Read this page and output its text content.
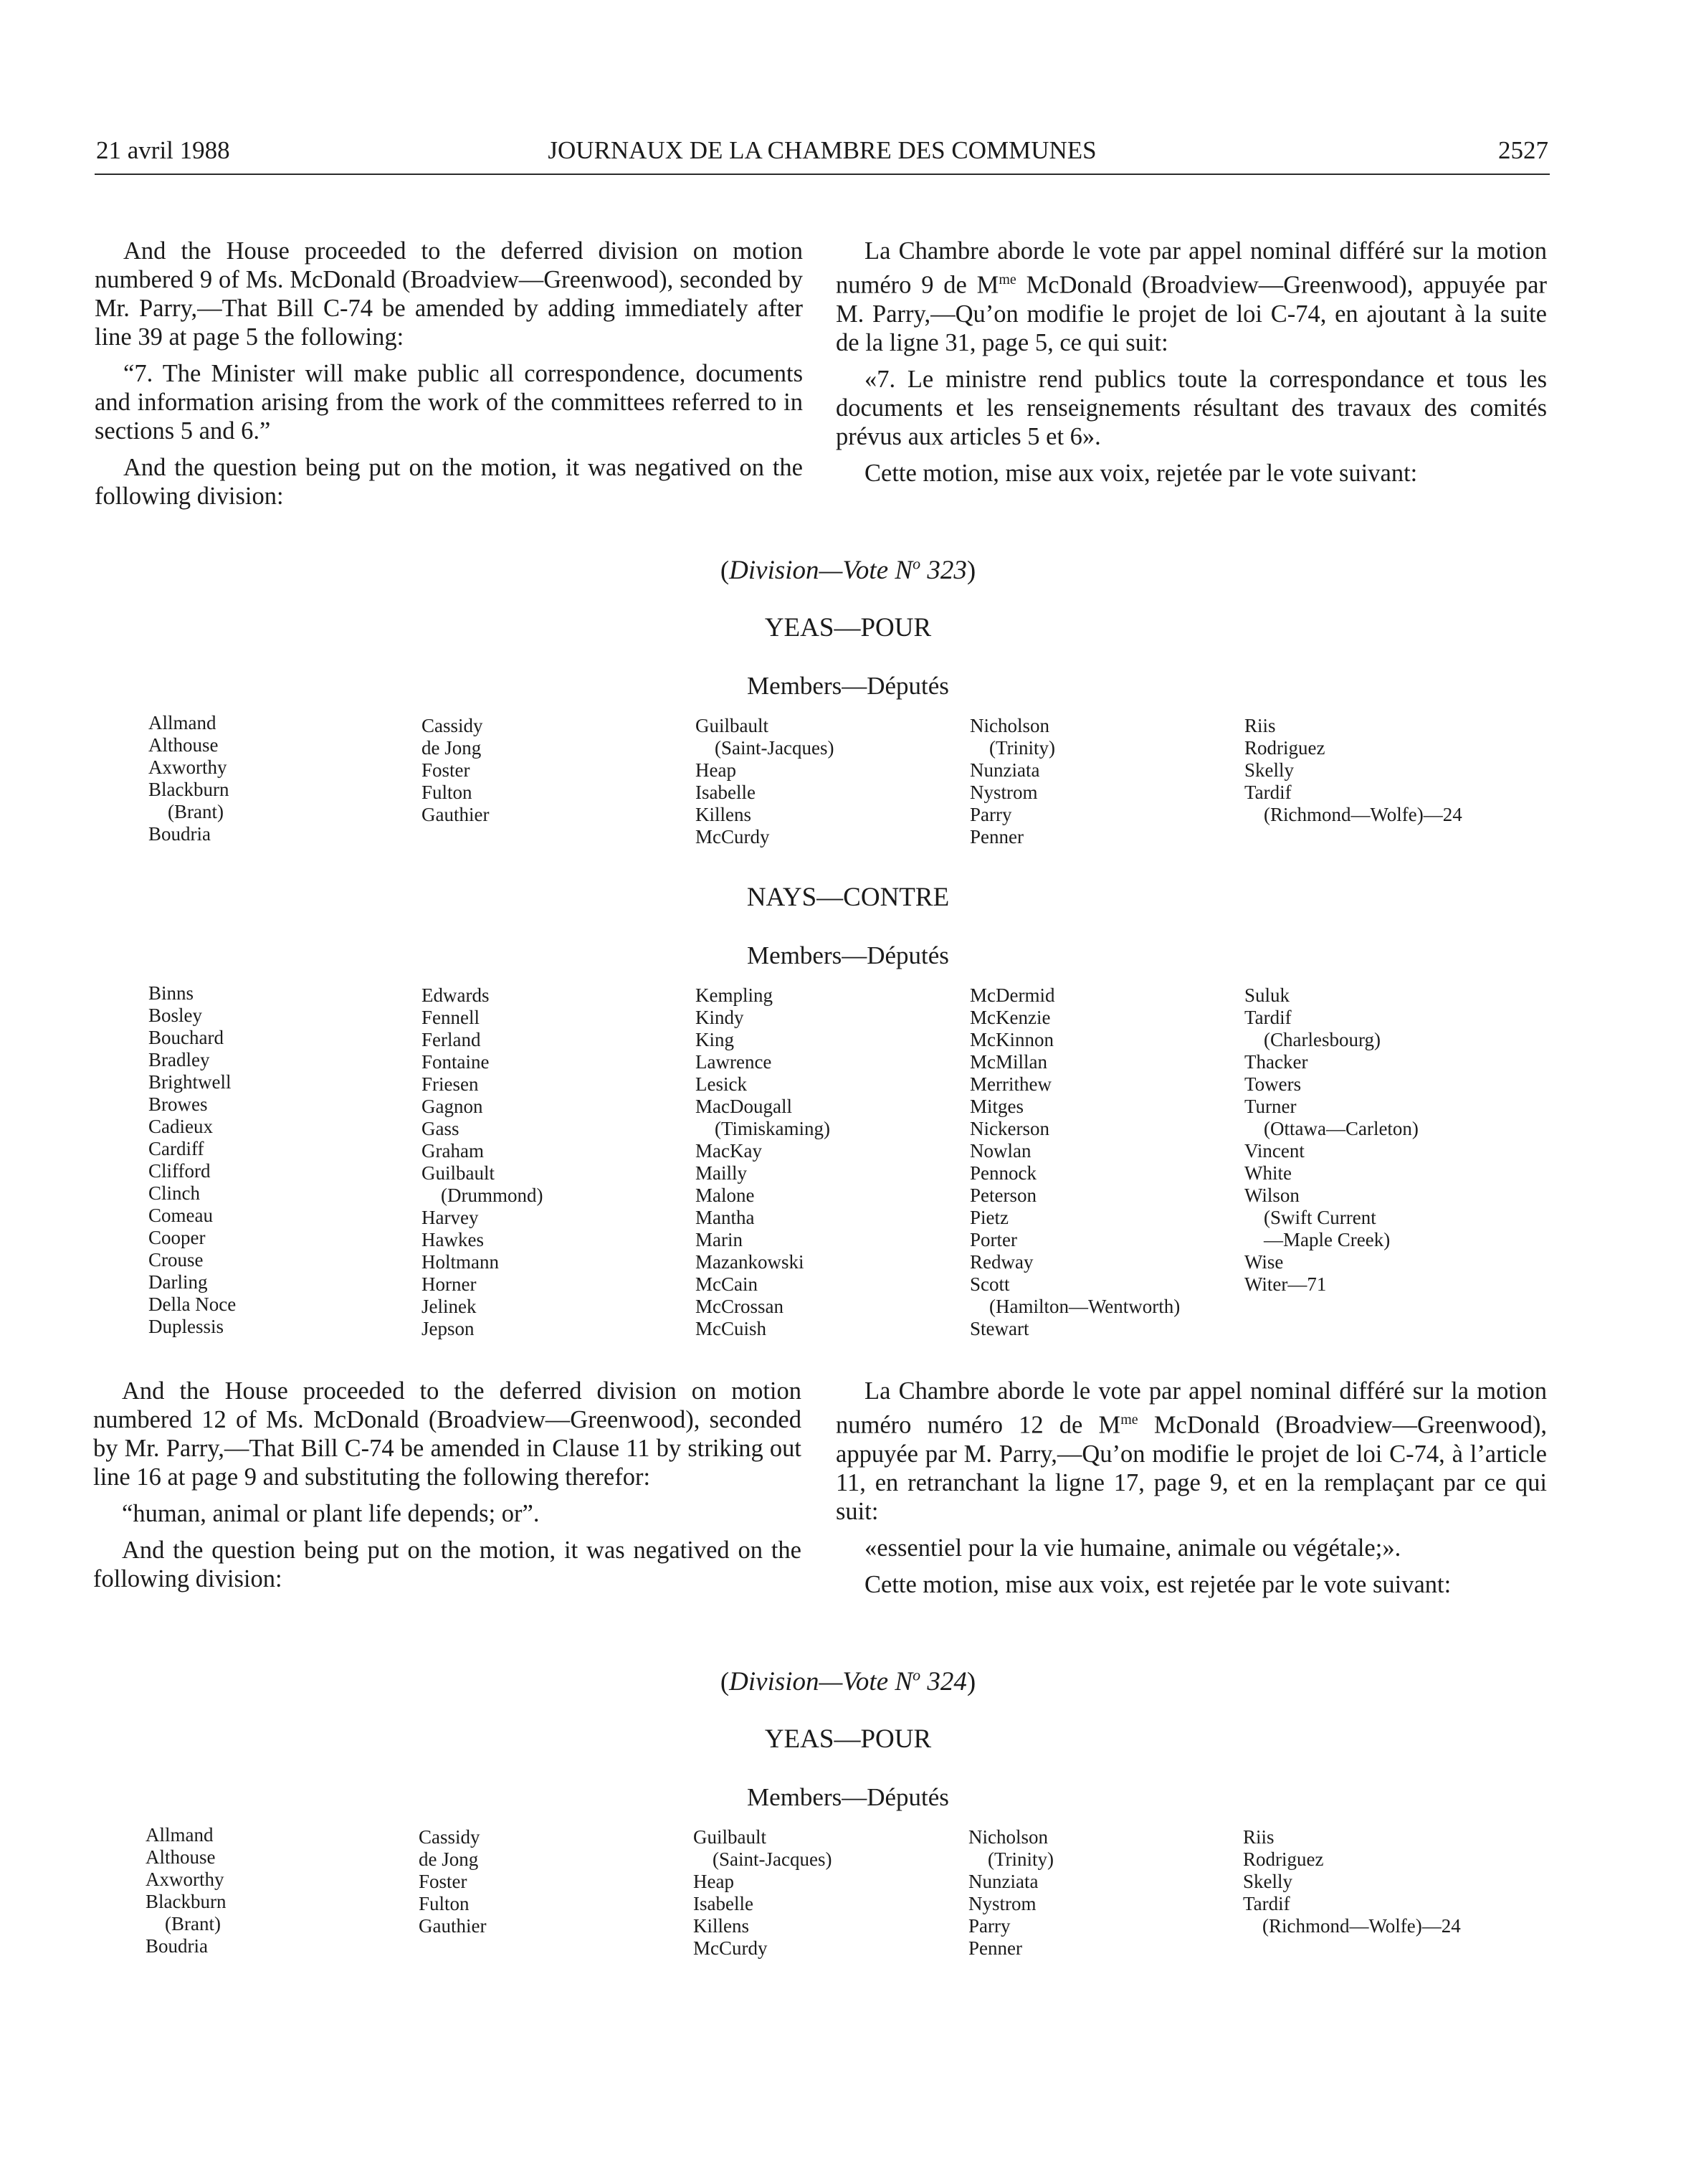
21 avril 1988	JOURNAUX DE LA CHAMBRE DES COMMUNES	2527

And the House proceeded to the deferred division on motion numbered 9 of Ms. McDonald (Broadview—Greenwood), seconded by Mr. Parry,—That Bill C-74 be amended by adding immediately after line 39 at page 5 the following:

“7. The Minister will make public all correspondence, documents and information arising from the work of the committees referred to in sections 5 and 6.”

And the question being put on the motion, it was negatived on the following division:

La Chambre aborde le vote par appel nominal différé sur la motion numéro 9 de $M^{me}$ McDonald (Broadview—Greenwood), appuyée par M. Parry,—Qu’on modifie le projet de loi C-74, en ajoutant à la suite de la ligne 31, page 5, ce qui suit:

«7. Le ministre rend publics toute la correspondance et tous les documents et les renseignements résultant des travaux des comités prévus aux articles 5 et 6».

Cette motion, mise aux voix, rejetée par le vote suivant:

(Division—Vote $N^o$ 323)
YEAS—POUR
Members—Députés
Allmand
Althouse
Axworthy
Blackburn
(Brant)
Boudria
Cassidy
de Jong
Foster
Fulton
Gauthier
Guilbault
(Saint-Jacques)
Heap
Isabelle
Killens
McCurdy
Nicholson
(Trinity)
Nunziata
Nystrom
Parry
Penner
Riis
Rodriguez
Skelly
Tardif
(Richmond—Wolfe)—24
NAYS—CONTRE
Members—Députés
Binns
Bosley
Bouchard
Bradley
Brightwell
Browes
Cadieux
Cardiff
Clifford
Clinch
Comeau
Cooper
Crouse
Darling
Della Noce
Duplessis
Edwards
Fennell
Ferland
Fontaine
Friesen
Gagnon
Gass
Graham
Guilbault
(Drummond)
Harvey
Hawkes
Holtmann
Horner
Jelinek
Jepson
Kempling
Kindy
King
Lawrence
Lesick
MacDougall
(Timiskaming)
MacKay
Mailly
Malone
Mantha
Marin
Mazankowski
McCain
McCrossan
McCuish
McDermid
McKenzie
McKinnon
McMillan
Merrithew
Mitges
Nickerson
Nowlan
Pennock
Peterson
Pietz
Porter
Redway
Scott
(Hamilton—Wentworth)
Stewart
Suluk
Tardif
(Charlesbourg)
Thacker
Towers
Turner
(Ottawa—Carleton)
Vincent
White
Wilson
(Swift Current
—Maple Creek)
Wise
Witer—71

And the House proceeded to the deferred division on motion numbered 12 of Ms. McDonald (Broadview—Greenwood), seconded by Mr. Parry,—That Bill C-74 be amended in Clause 11 by striking out line 16 at page 9 and substituting the following therefor:

“human, animal or plant life depends; or”.

And the question being put on the motion, it was negatived on the following division:

La Chambre aborde le vote par appel nominal différé sur la motion numéro numéro 12 de $M^{me}$ McDonald (Broadview—Greenwood), appuyée par M. Parry,—Qu’on modifie le projet de loi C-74, à l’article 11, en retranchant la ligne 17, page 9, et en la remplaçant par ce qui suit:

«essentiel pour la vie humaine, animale ou végétale;».

Cette motion, mise aux voix, est rejetée par le vote suivant:

(Division—Vote $N^o$ 324)
YEAS—POUR
Members—Députés
Allmand
Althouse
Axworthy
Blackburn
(Brant)
Boudria
Cassidy
de Jong
Foster
Fulton
Gauthier
Guilbault
(Saint-Jacques)
Heap
Isabelle
Killens
McCurdy
Nicholson
(Trinity)
Nunziata
Nystrom
Parry
Penner
Riis
Rodriguez
Skelly
Tardif
(Richmond—Wolfe)—24
